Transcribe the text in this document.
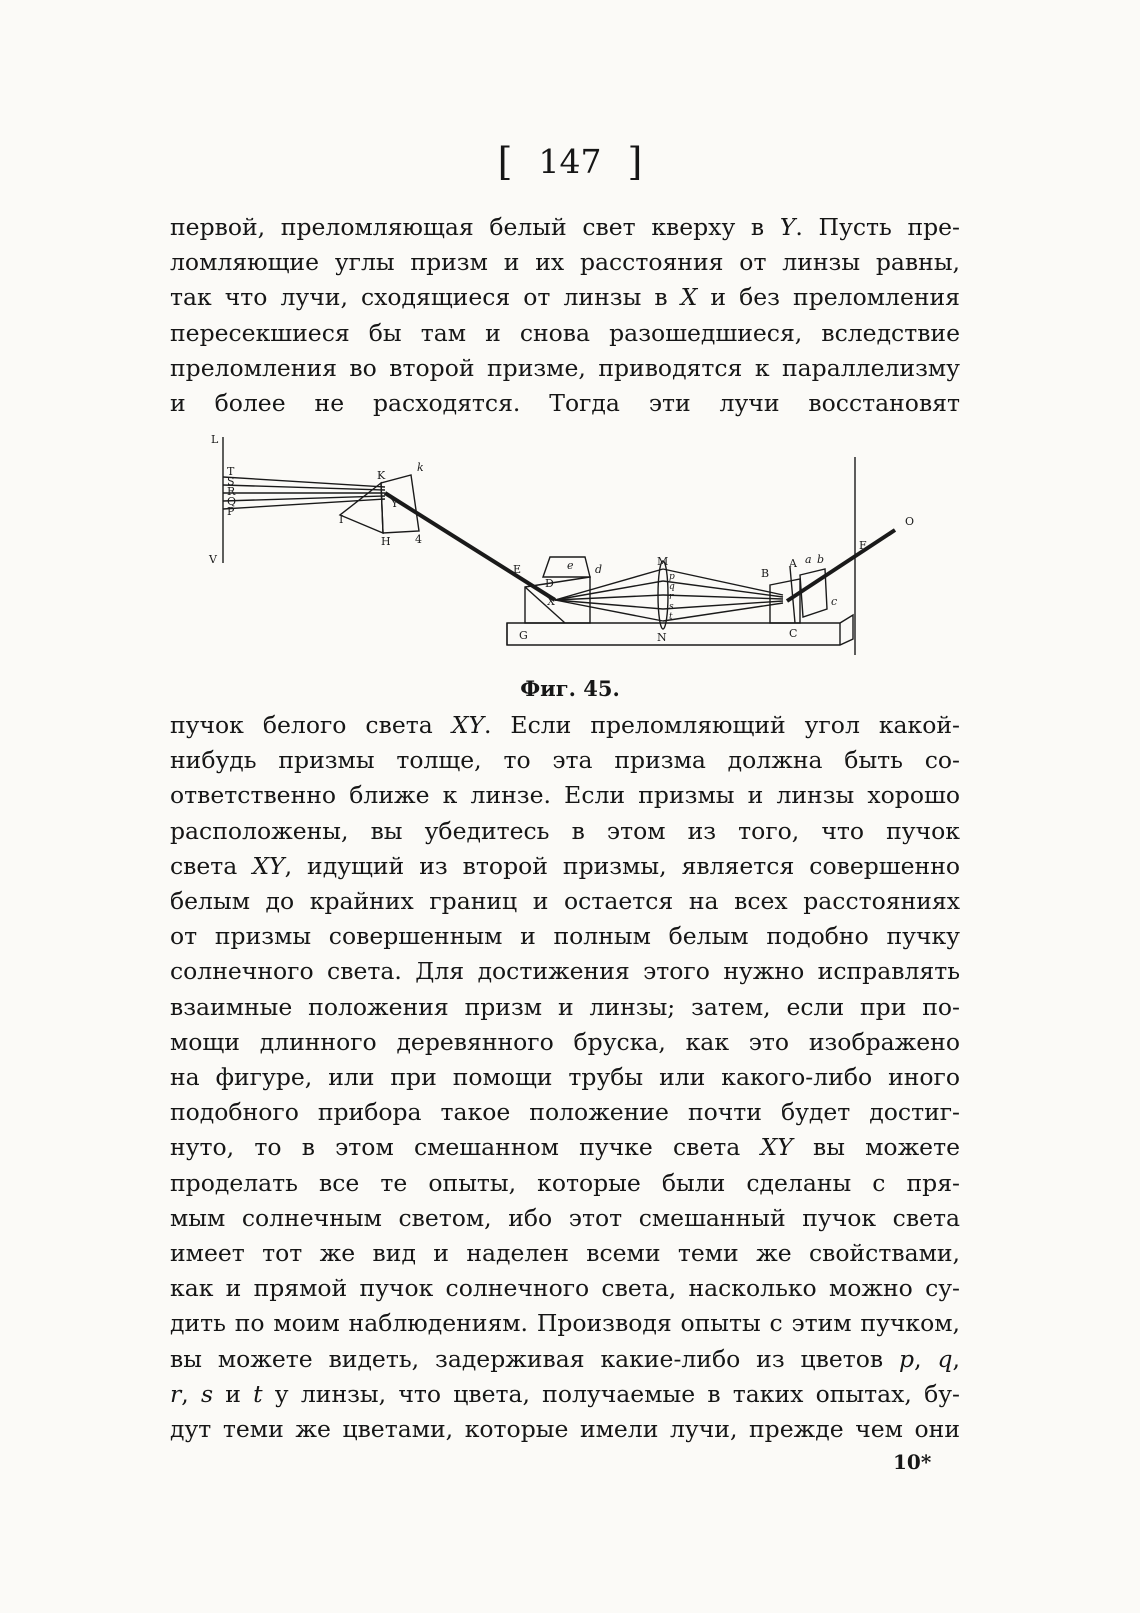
[ 147 ]
первой, преломляющая белый свет кверху в Y. Пусть пре-
ломляющие углы призм и их расстояния от линзы равны,
так что лучи, сходящиеся от линзы в X и без преломления
пересекшиеся бы там и снова разошедшиеся, вследствие
преломления во второй призме, приводятся к параллелизму
и более не расходятся. Тогда эти лучи восстановят
L
T
S
R
Q
P
V
K
k
I
H 4
Y
E
D
X
e d
G
M
N
p
q
r
s
t
B
A a b
C
c
F
O
Фиг. 45.
пучок белого света XY. Если преломляющий угол какой-
нибудь призмы толще, то эта призма должна быть со-
ответственно ближе к линзе. Если призмы и линзы хорошо
расположены, вы убедитесь в этом из того, что пучок
света XY, идущий из второй призмы, является совершенно
белым до крайних границ и остается на всех расстояниях
от призмы совершенным и полным белым подобно пучку
солнечного света. Для достижения этого нужно исправлять
взаимные положения призм и линзы; затем, если при по-
мощи длинного деревянного бруска, как это изображено
на фигуре, или при помощи трубы или какого-либо иного
подобного прибора такое положение почти будет достиг-
нуто, то в этом смешанном пучке света XY вы можете
проделать все те опыты, которые были сделаны с пря-
мым солнечным светом, ибо этот смешанный пучок света
имеет тот же вид и наделен всеми теми же свойствами,
как и прямой пучок солнечного света, насколько можно су-
дить по моим наблюдениям. Производя опыты с этим пучком,
вы можете видеть, задерживая какие-либо из цветов p, q,
r, s и t у линзы, что цвета, получаемые в таких опытах, бу-
дут теми же цветами, которые имели лучи, прежде чем они
10*
